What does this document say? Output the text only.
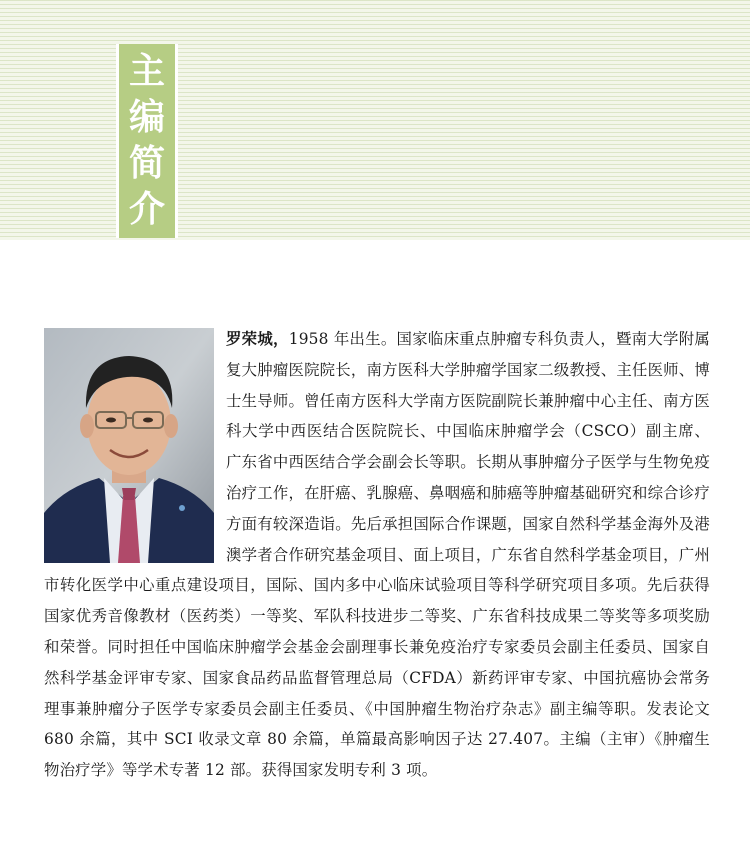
主
编
简
介
罗荣城，1958 年出生。国家临床重点肿瘤专科负责人，暨南大学附属复大肿瘤医院院长，南方医科大学肿瘤学国家二级教授、主任医师、博士生导师。曾任南方医科大学南方医院副院长兼肿瘤中心主任、南方医科大学中西医结合医院院长、中国临床肿瘤学会（CSCO）副主席、广东省中西医结合学会副会长等职。长期从事肿瘤分子医学与生物免疫治疗工作，在肝癌、乳腺癌、鼻咽癌和肺癌等肿瘤基础研究和综合诊疗方面有较深造诣。先后承担国际合作课题，国家自然科学基金海外及港澳学者合作研究基金项目、面上项目，广东省自然科学基金项目，广州市转化医学中心重点建设项目，国际、国内多中心临床试验项目等科学研究项目多项。先后获得国家优秀音像教材（医药类）一等奖、军队科技进步二等奖、广东省科技成果二等奖等多项奖励和荣誉。同时担任中国临床肿瘤学会基金会副理事长兼免疫治疗专家委员会副主任委员、国家自然科学基金评审专家、国家食品药品监督管理总局（CFDA）新药评审专家、中国抗癌协会常务理事兼肿瘤分子医学专家委员会副主任委员、《中国肿瘤生物治疗杂志》副主编等职。发表论文 680 余篇，其中 SCI 收录文章 80 余篇，单篇最高影响因子达 27.407。主编（主审）《肿瘤生物治疗学》等学术专著 12 部。获得国家发明专利 3 项。
